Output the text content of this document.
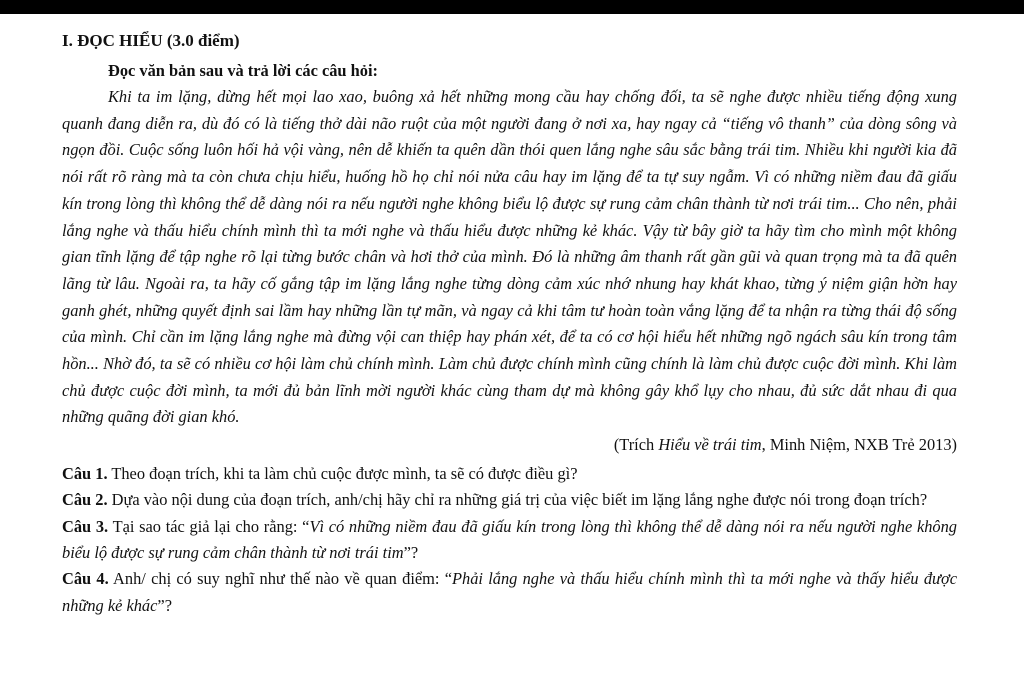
I. ĐỌC HIỂU (3.0 điểm)
Đọc văn bản sau và trả lời các câu hỏi:

Khi ta im lặng, dừng hết mọi lao xao, buông xả hết những mong cầu hay chống đối, ta sẽ nghe được nhiều tiếng động xung quanh đang diễn ra, dù đó có là tiếng thở dài não ruột của một người đang ở nơi xa, hay ngay cả “tiếng vô thanh” của dòng sông và ngọn đồi. Cuộc sống luôn hối hả vội vàng, nên dễ khiến ta quên dần thói quen lắng nghe sâu sắc bằng trái tim. Nhiều khi người kia đã nói rất rõ ràng mà ta còn chưa chịu hiểu, huống hồ họ chỉ nói nửa câu hay im lặng để ta tự suy ngẫm. Vì có những niềm đau đã giấu kín trong lòng thì không thể dễ dàng nói ra nếu người nghe không biểu lộ được sự rung cảm chân thành từ nơi trái tim... Cho nên, phải lắng nghe và thấu hiểu chính mình thì ta mới nghe và thấu hiểu được những kẻ khác. Vậy từ bây giờ ta hãy tìm cho mình một không gian tĩnh lặng để tập nghe rõ lại từng bước chân và hơi thở của mình. Đó là những âm thanh rất gần gũi và quan trọng mà ta đã quên lãng từ lâu. Ngoài ra, ta hãy cố gắng tập im lặng lắng nghe từng dòng cảm xúc nhớ nhung hay khát khao, từng ý niệm giận hờn hay ganh ghét, những quyết định sai lầm hay những lần tự mãn, và ngay cả khi tâm tư hoàn toàn vắng lặng để ta nhận ra từng thái độ sống của mình. Chỉ cần im lặng lắng nghe mà đừng vội can thiệp hay phán xét, để ta có cơ hội hiểu hết những ngõ ngách sâu kín trong tâm hồn... Nhờ đó, ta sẽ có nhiều cơ hội làm chủ chính mình. Làm chủ được chính mình cũng chính là làm chủ được cuộc đời mình. Khi làm chủ được cuộc đời mình, ta mới đủ bản lĩnh mời người khác cùng tham dự mà không gây khổ lụy cho nhau, đủ sức dắt nhau đi qua những quãng đời gian khó.

(Trích Hiểu về trái tim, Minh Niệm, NXB Trẻ 2013)

Câu 1. Theo đoạn trích, khi ta làm chủ cuộc được mình, ta sẽ có được điều gì?

Câu 2. Dựa vào nội dung của đoạn trích, anh/chị hãy chỉ ra những giá trị của việc biết im lặng lắng nghe được nói trong đoạn trích?

Câu 3. Tại sao tác giả lại cho rằng: “Vì có những niềm đau đã giấu kín trong lòng thì không thể dễ dàng nói ra nếu người nghe không biểu lộ được sự rung cảm chân thành từ nơi trái tim”?

Câu 4. Anh/ chị có suy nghĩ như thế nào về quan điểm: “Phải lắng nghe và thấu hiểu chính mình thì ta mới nghe và thấy hiểu được những kẻ khác”?
